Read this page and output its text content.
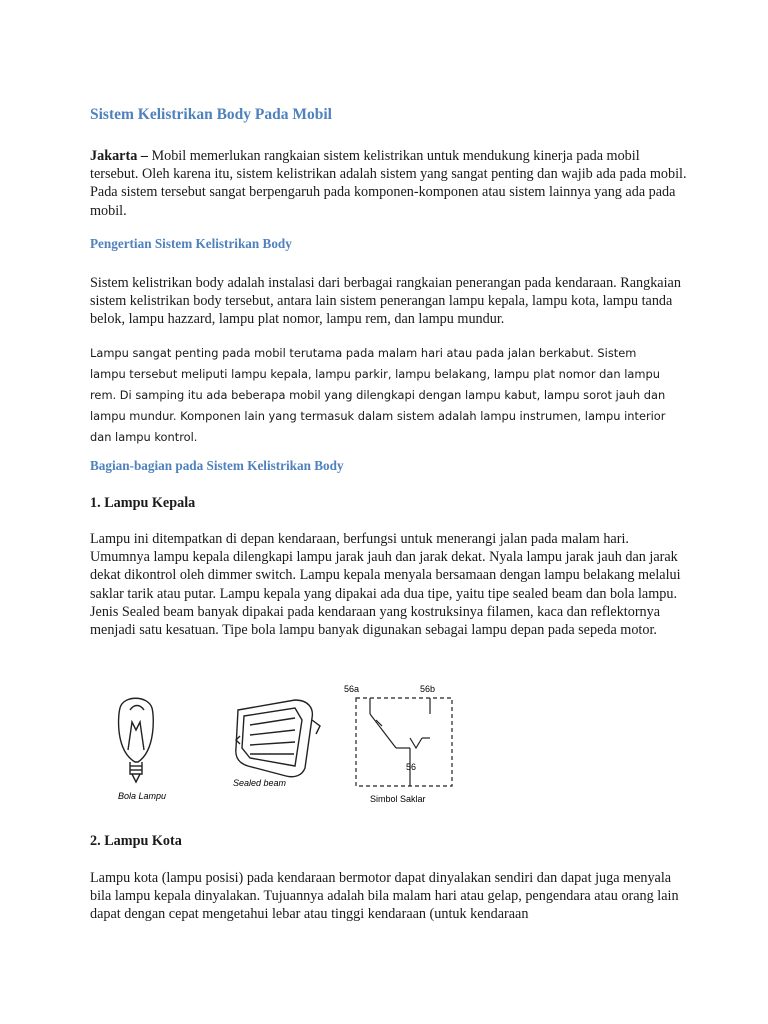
Sistem Kelistrikan Body Pada Mobil
Jakarta – Mobil memerlukan rangkaian sistem kelistrikan untuk mendukung kinerja pada mobil tersebut. Oleh karena itu, sistem kelistrikan adalah sistem yang sangat penting dan wajib ada pada mobil. Pada sistem tersebut sangat berpengaruh pada komponen-komponen atau sistem lainnya yang ada pada mobil.
Pengertian Sistem Kelistrikan Body
Sistem kelistrikan body adalah instalasi dari berbagai rangkaian penerangan pada kendaraan. Rangkaian sistem kelistrikan body tersebut, antara lain sistem penerangan lampu kepala, lampu kota, lampu tanda belok, lampu hazzard, lampu plat nomor, lampu rem, dan lampu mundur.
Lampu sangat penting pada mobil terutama pada malam hari atau pada jalan berkabut. Sistem lampu tersebut meliputi lampu kepala, lampu parkir, lampu belakang, lampu plat nomor dan lampu rem. Di samping itu ada beberapa mobil yang dilengkapi dengan lampu kabut, lampu sorot jauh dan lampu mundur. Komponen lain yang termasuk dalam sistem adalah lampu instrumen, lampu interior dan lampu kontrol.
Bagian-bagian pada Sistem Kelistrikan Body
1. Lampu Kepala
Lampu ini ditempatkan di depan kendaraan, berfungsi untuk menerangi jalan pada malam hari. Umumnya lampu kepala dilengkapi lampu jarak jauh dan jarak dekat. Nyala lampu jarak jauh dan jarak dekat dikontrol oleh dimmer switch. Lampu kepala menyala bersamaan dengan lampu belakang melalui saklar tarik atau putar. Lampu kepala yang dipakai ada dua tipe, yaitu tipe sealed beam dan bola lampu. Jenis Sealed beam banyak dipakai pada kendaraan yang kostruksinya filamen, kaca dan reflektornya menjadi satu kesatuan. Tipe bola lampu banyak digunakan sebagai lampu depan pada sepeda motor.
Bola Lampu
Sealed beam
56a	56b
56
Simbol Saklar
2. Lampu Kota
Lampu kota (lampu posisi) pada kendaraan bermotor dapat dinyalakan sendiri dan dapat juga menyala bila lampu kepala dinyalakan. Tujuannya adalah bila malam hari atau gelap, pengendara atau orang lain dapat dengan cepat mengetahui lebar atau tinggi kendaraan (untuk kendaraan
